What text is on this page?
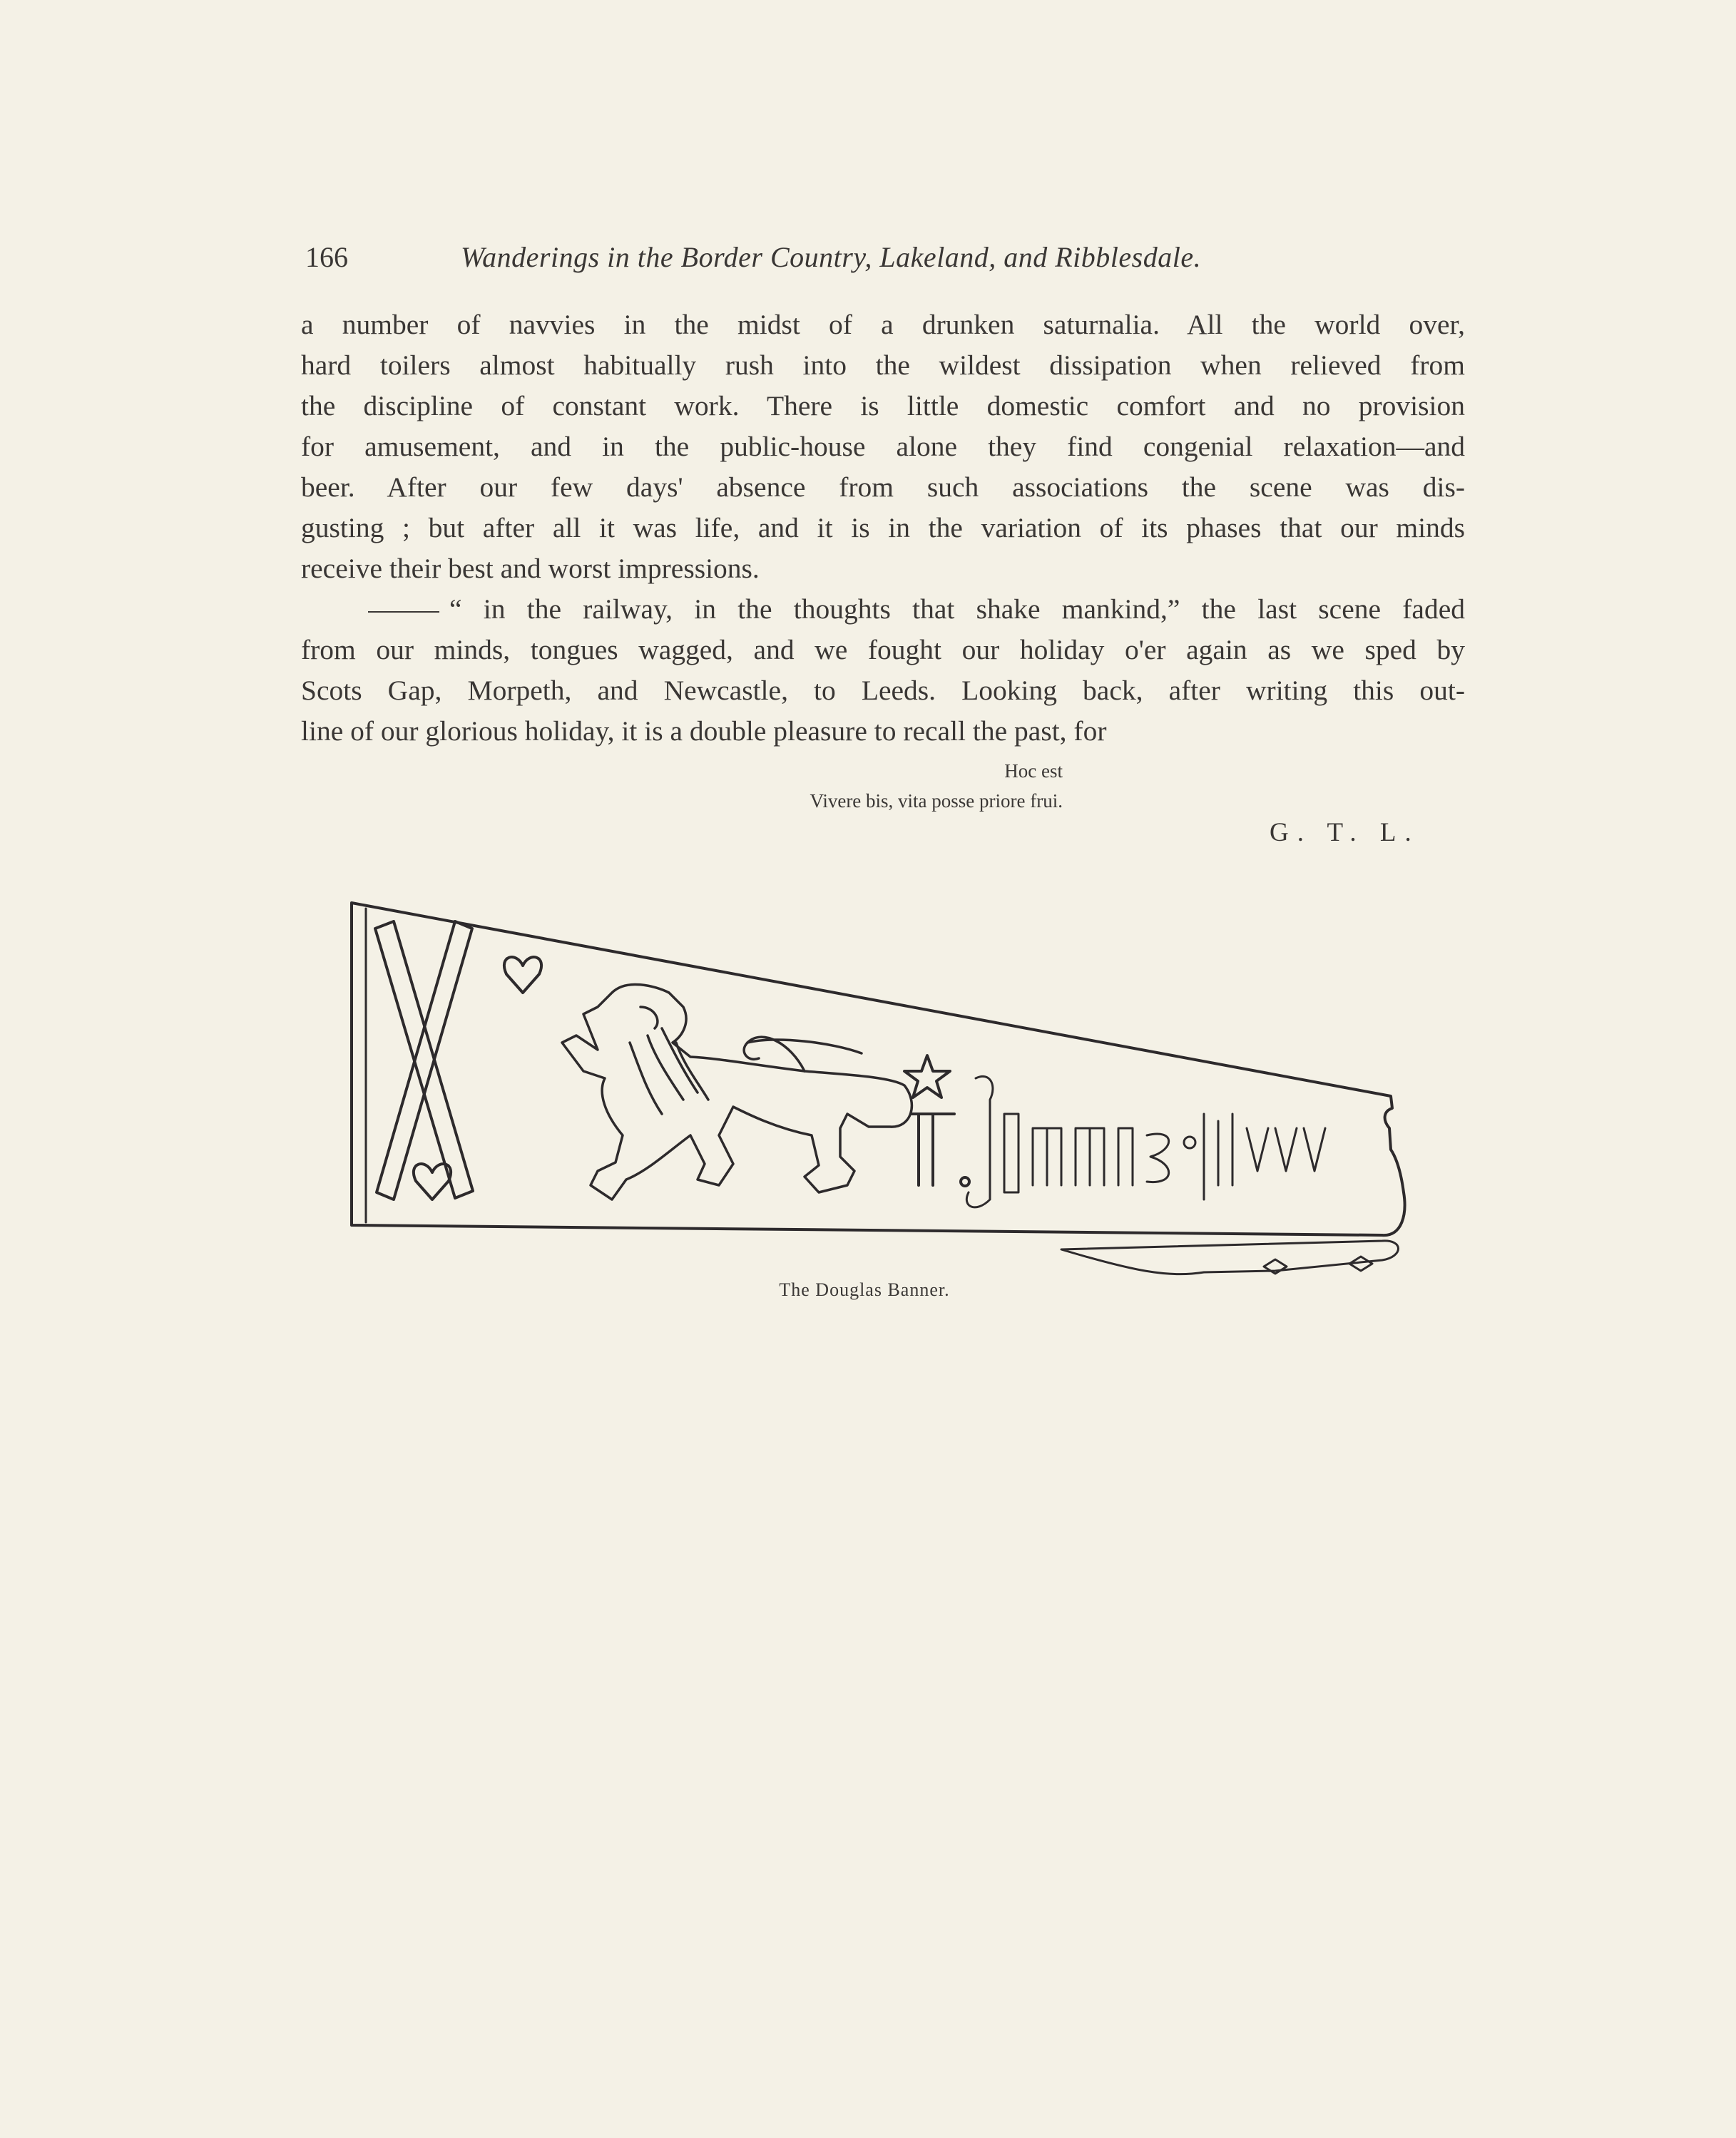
166	Wanderings in the Border Country, Lakeland, and Ribblesdale.

a number of navvies in the midst of a drunken saturnalia. All the world over,
hard toilers almost habitually rush into the wildest dissipation when relieved from
the discipline of constant work. There is little domestic comfort and no provision
for amusement, and in the public-house alone they find congenial relaxation—and
beer. After our few days' absence from such associations the scene was dis-
gusting ; but after all it was life, and it is in the variation of its phases that our minds
receive their best and worst impressions.

“ in the railway, in the thoughts that shake mankind,” the last scene faded
from our minds, tongues wagged, and we fought our holiday o'er again as we sped by
Scots Gap, Morpeth, and Newcastle, to Leeds. Looking back, after writing this out-
line of our glorious holiday, it is a double pleasure to recall the past, for

Hoc est
Vivere bis, vita posse priore frui.
G. T. L.
The Douglas Banner.
